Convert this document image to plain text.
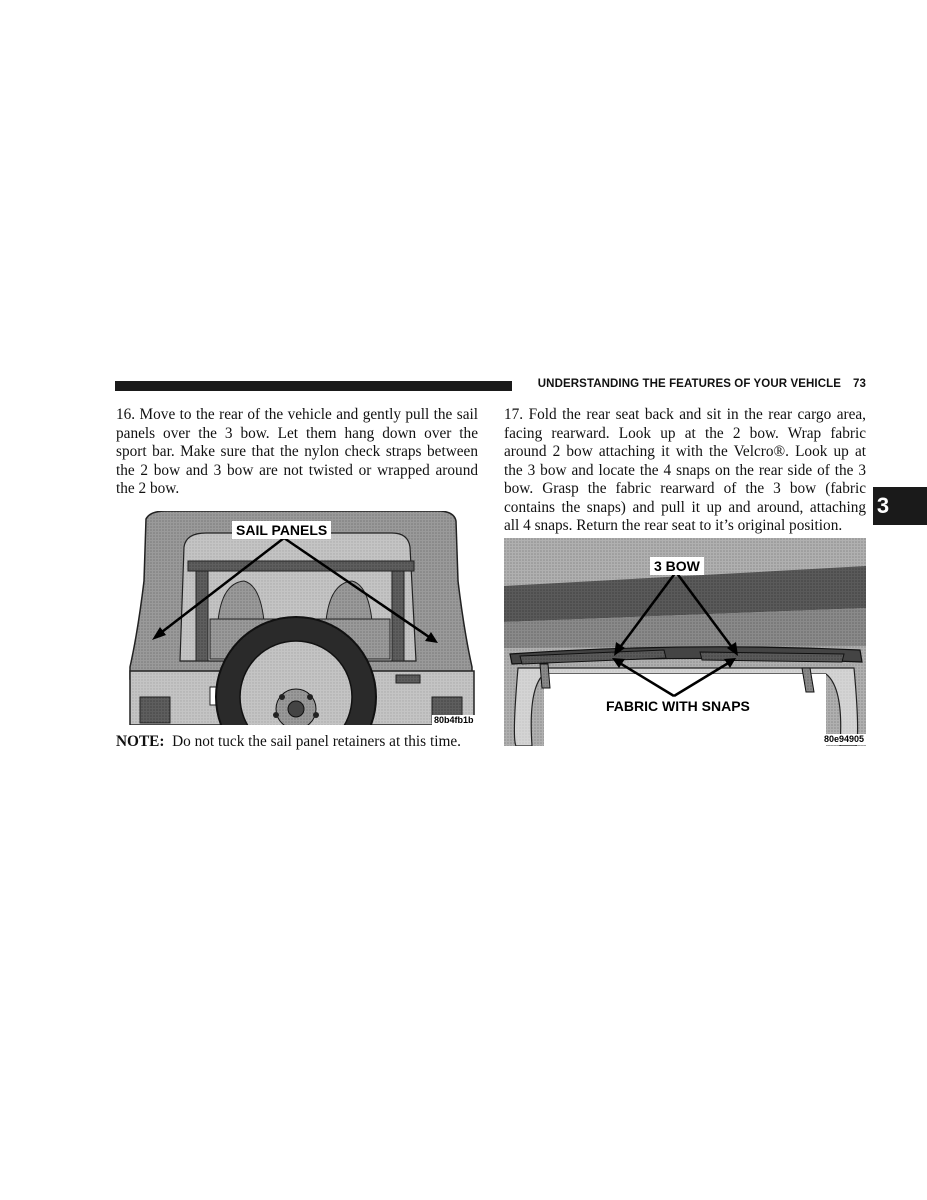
UNDERSTANDING THE FEATURES OF YOUR VEHICLE 73
3
16. Move to the rear of the vehicle and gently pull the sail
panels over the 3 bow. Let them hang down over the
sport bar. Make sure that the nylon check straps between
the 2 bow and 3 bow are not twisted or wrapped around
the 2 bow.
SAIL PANELS
80b4fb1b
NOTE: Do not tuck the sail panel retainers at this time.
17. Fold the rear seat back and sit in the rear cargo area,
facing rearward. Look up at the 2 bow. Wrap fabric
around 2 bow attaching it with the Velcro®. Look up at
the 3 bow and locate the 4 snaps on the rear side of the 3
bow. Grasp the fabric rearward of the 3 bow (fabric
contains the snaps) and pull it up and around, attaching
all 4 snaps. Return the rear seat to it’s original position.
3 BOW
FABRIC WITH SNAPS
80e94905
